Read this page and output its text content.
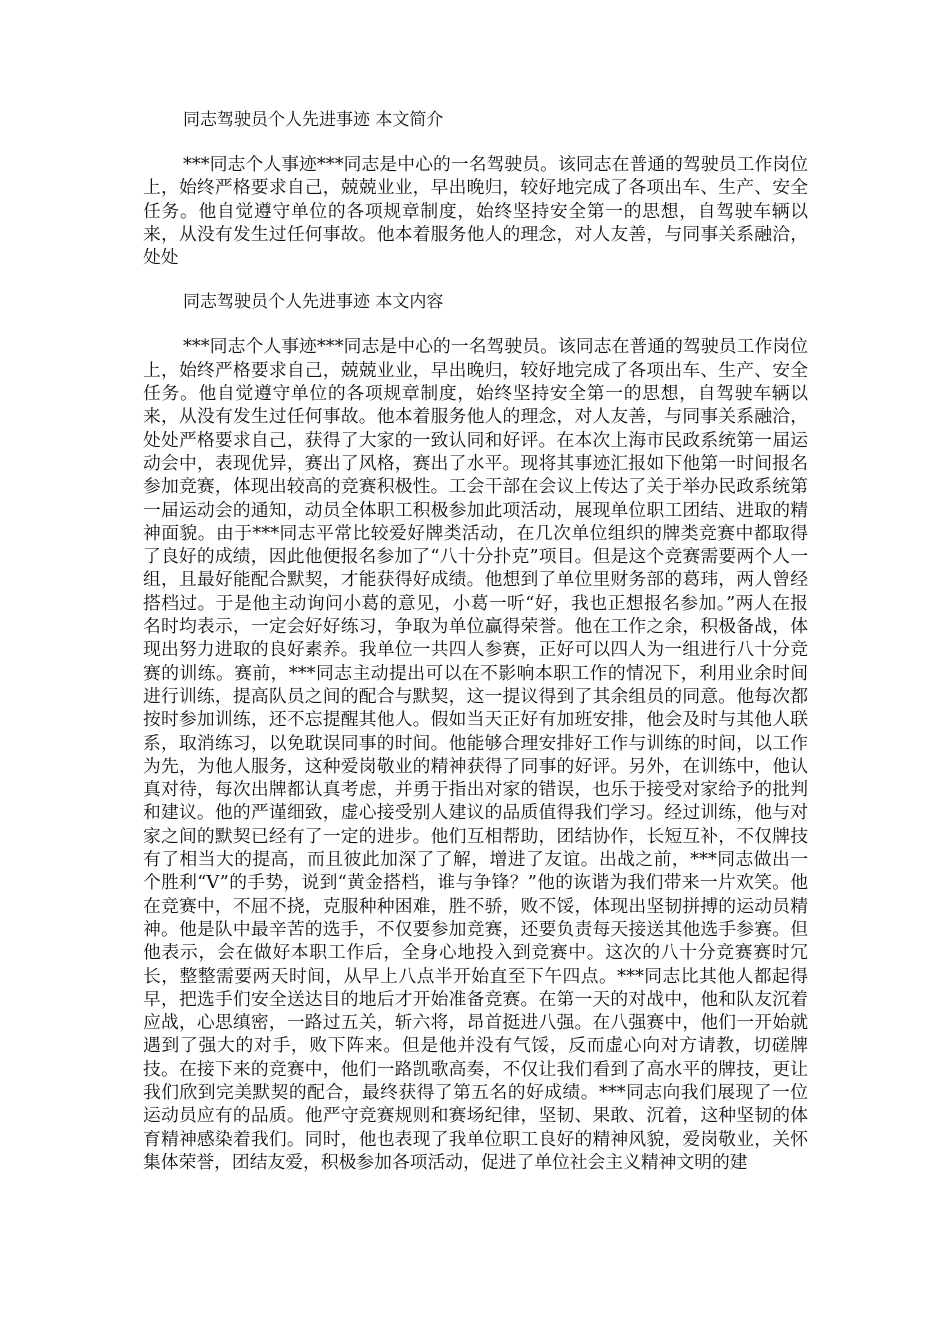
同志驾驶员个人先进事迹 本文简介
***同志个人事迹***同志是中心的一名驾驶员。该同志在普通的驾驶员工作岗位上，始终严格要求自己，兢兢业业，早出晚归，较好地完成了各项出车、生产、安全任务。他自觉遵守单位的各项规章制度，始终坚持安全第一的思想，自驾驶车辆以来，从没有发生过任何事故。他本着服务他人的理念，对人友善，与同事关系融洽，处处
同志驾驶员个人先进事迹 本文内容
***同志个人事迹***同志是中心的一名驾驶员。该同志在普通的驾驶员工作岗位上，始终严格要求自己，兢兢业业，早出晚归，较好地完成了各项出车、生产、安全任务。他自觉遵守单位的各项规章制度，始终坚持安全第一的思想，自驾驶车辆以来，从没有发生过任何事故。他本着服务他人的理念，对人友善，与同事关系融洽，处处严格要求自己，获得了大家的一致认同和好评。在本次上海市民政系统第一届运动会中，表现优异，赛出了风格，赛出了水平。现将其事迹汇报如下他第一时间报名参加竞赛，体现出较高的竞赛积极性。工会干部在会议上传达了关于举办民政系统第一届运动会的通知，动员全体职工积极参加此项活动，展现单位职工团结、进取的精神面貌。由于***同志平常比较爱好牌类活动，在几次单位组织的牌类竞赛中都取得了良好的成绩，因此他便报名参加了“八十分扑克”项目。但是这个竞赛需要两个人一组，且最好能配合默契，才能获得好成绩。他想到了单位里财务部的葛玮，两人曾经搭档过。于是他主动询问小葛的意见，小葛一听“好，我也正想报名参加。”两人在报名时均表示，一定会好好练习，争取为单位赢得荣誉。他在工作之余，积极备战，体现出努力进取的良好素养。我单位一共四人参赛，正好可以四人为一组进行八十分竞赛的训练。赛前，***同志主动提出可以在不影响本职工作的情况下，利用业余时间进行训练，提高队员之间的配合与默契，这一提议得到了其余组员的同意。他每次都按时参加训练，还不忘提醒其他人。假如当天正好有加班安排，他会及时与其他人联系，取消练习，以免耽误同事的时间。他能够合理安排好工作与训练的时间，以工作为先，为他人服务，这种爱岗敬业的精神获得了同事的好评。另外，在训练中，他认真对待，每次出牌都认真考虑，并勇于指出对家的错误，也乐于接受对家给予的批判和建议。他的严谨细致，虚心接受别人建议的品质值得我们学习。经过训练，他与对家之间的默契已经有了一定的进步。他们互相帮助，团结协作，长短互补，不仅牌技有了相当大的提高，而且彼此加深了了解，增进了友谊。出战之前，***同志做出一个胜利“V”的手势，说到“黄金搭档，谁与争锋？”他的诙谐为我们带来一片欢笑。他在竞赛中，不屈不挠，克服种种困难，胜不骄，败不馁，体现出坚韧拼搏的运动员精神。他是队中最辛苦的选手，不仅要参加竞赛，还要负责每天接送其他选手参赛。但他表示，会在做好本职工作后，全身心地投入到竞赛中。这次的八十分竞赛赛时冗长，整整需要两天时间，从早上八点半开始直至下午四点。***同志比其他人都起得早，把选手们安全送达目的地后才开始准备竞赛。在第一天的对战中，他和队友沉着应战，心思缜密，一路过五关，斩六将，昂首挺进八强。在八强赛中，他们一开始就遇到了强大的对手，败下阵来。但是他并没有气馁，反而虚心向对方请教，切磋牌技。在接下来的竞赛中，他们一路凯歌高奏，不仅让我们看到了高水平的牌技，更让我们欣到完美默契的配合，最终获得了第五名的好成绩。***同志向我们展现了一位运动员应有的品质。他严守竞赛规则和赛场纪律，坚韧、果敢、沉着，这种坚韧的体育精神感染着我们。同时，他也表现了我单位职工良好的精神风貌，爱岗敬业，关怀集体荣誉，团结友爱，积极参加各项活动，促进了单位社会主义精神文明的建
